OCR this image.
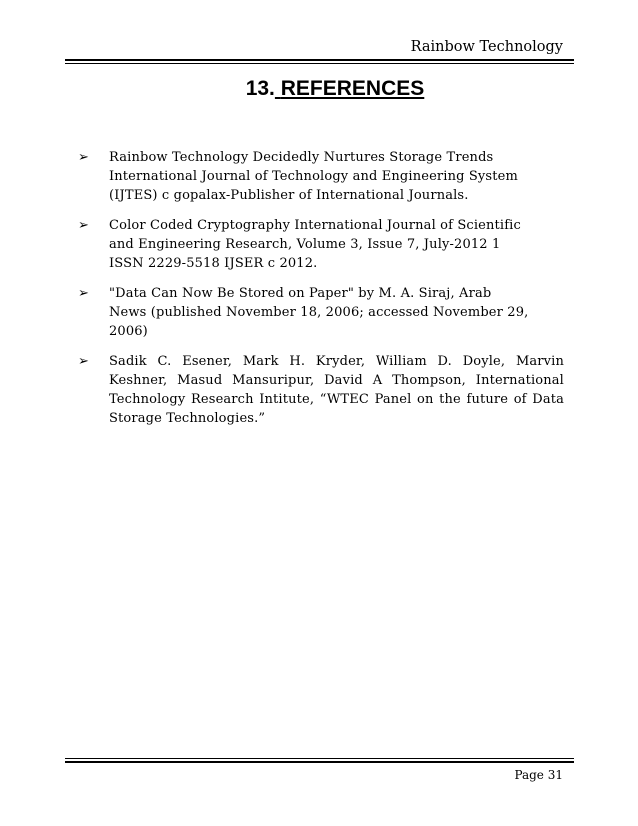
Rainbow Technology
13. REFERENCES
➢ Rainbow Technology Decidedly Nurtures Storage Trends
International Journal of Technology and Engineering System
(IJTES) c gopalax-Publisher of International Journals.
➢ Color Coded Cryptography International Journal of Scientific
and Engineering Research, Volume 3, Issue 7, July-2012 1
ISSN 2229-5518 IJSER c 2012.
➢ "Data Can Now Be Stored on Paper" by M. A. Siraj, Arab
News (published November 18, 2006; accessed November 29,
2006)
➢ Sadik C. Esener, Mark H. Kryder, William D. Doyle, Marvin
Keshner, Masud Mansuripur, David A Thompson, International
Technology Research Intitute, “WTEC Panel on the future of Data
Storage Technologies.”
Page 31
